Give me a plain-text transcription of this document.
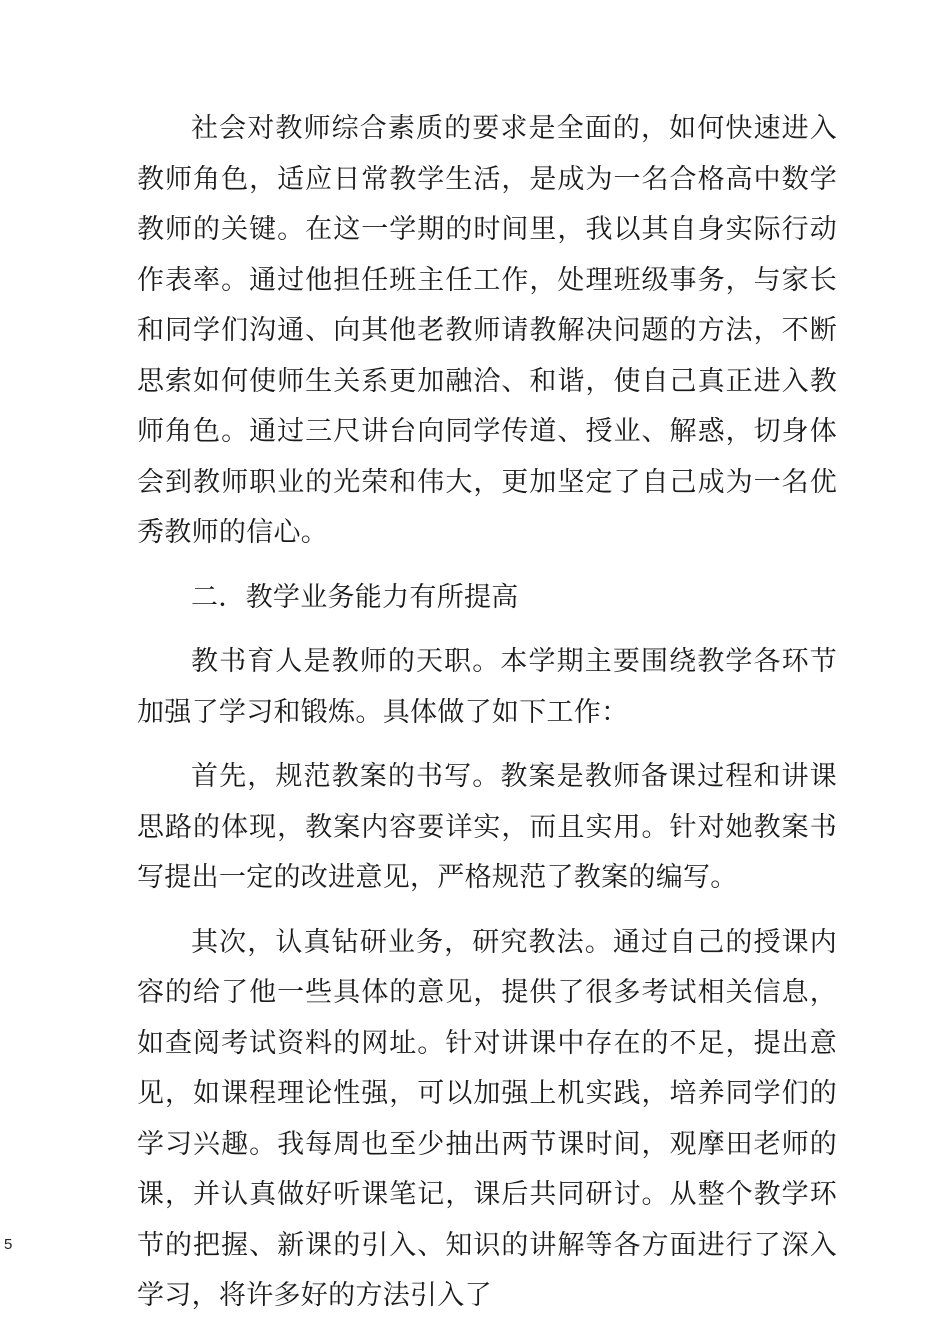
社会对教师综合素质的要求是全面的，如何快速进入教师角色，适应日常教学生活，是成为一名合格高中数学教师的关键。在这一学期的时间里，我以其自身实际行动作表率。通过他担任班主任工作，处理班级事务，与家长和同学们沟通、向其他老教师请教解决问题的方法，不断思索如何使师生关系更加融洽、和谐，使自己真正进入教师角色。通过三尺讲台向同学传道、授业、解惑，切身体会到教师职业的光荣和伟大，更加坚定了自己成为一名优秀教师的信心。

二．教学业务能力有所提高

教书育人是教师的天职。本学期主要围绕教学各环节加强了学习和锻炼。具体做了如下工作：

首先，规范教案的书写。教案是教师备课过程和讲课思路的体现，教案内容要详实，而且实用。针对她教案书写提出一定的改进意见，严格规范了教案的编写。

其次，认真钻研业务，研究教法。通过自己的授课内容的给了他一些具体的意见，提供了很多考试相关信息，如查阅考试资料的网址。针对讲课中存在的不足，提出意见，如课程理论性强，可以加强上机实践，培养同学们的学习兴趣。我每周也至少抽出两节课时间，观摩田老师的课，并认真做好听课笔记，课后共同研讨。从整个教学环节的把握、新课的引入、知识的讲解等各方面进行了深入学习，将许多好的方法引入了

5
